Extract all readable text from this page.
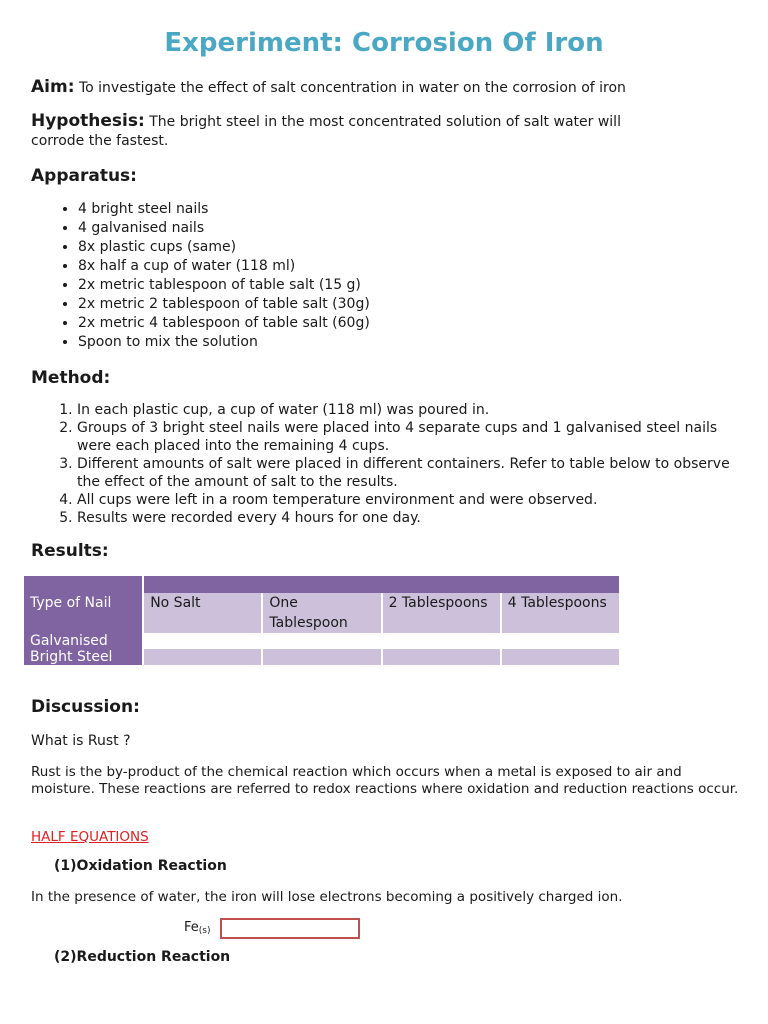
Experiment: Corrosion Of Iron
Aim: To investigate the effect of salt concentration in water on the corrosion of iron
Hypothesis: The bright steel in the most concentrated solution of salt water will
corrode the fastest.
Apparatus:
• 4 bright steel nails
• 4 galvanised nails
• 8x plastic cups (same)
• 8x half a cup of water (118 ml)
• 2x metric tablespoon of table salt (15 g)
• 2x metric 2 tablespoon of table salt (30g)
• 2x metric 4 tablespoon of table salt (60g)
• Spoon to mix the solution
Method:
1. In each plastic cup, a cup of water (118 ml) was poured in.
2. Groups of 3 bright steel nails were placed into 4 separate cups and 1 galvanised steel nails were each placed into the remaining 4 cups.
3. Different amounts of salt were placed in different containers. Refer to table below to observe the effect of the amount of salt to the results.
4. All cups were left in a room temperature environment and were observed.
5. Results were recorded every 4 hours for one day.
Results:

Type of Nail	No Salt	One Tablespoon	2 Tablespoons	4 Tablespoons
Galvanised				
Bright Steel				
Discussion:
What is Rust ?
Rust is the by-product of the chemical reaction which occurs when a metal is exposed to air and moisture. These reactions are referred to redox reactions where oxidation and reduction reactions occur.
HALF EQUATIONS
(1)Oxidation Reaction
In the presence of water, the iron will lose electrons becoming a positively charged ion.
$Fe_{(s)}$
(2)Reduction Reaction
